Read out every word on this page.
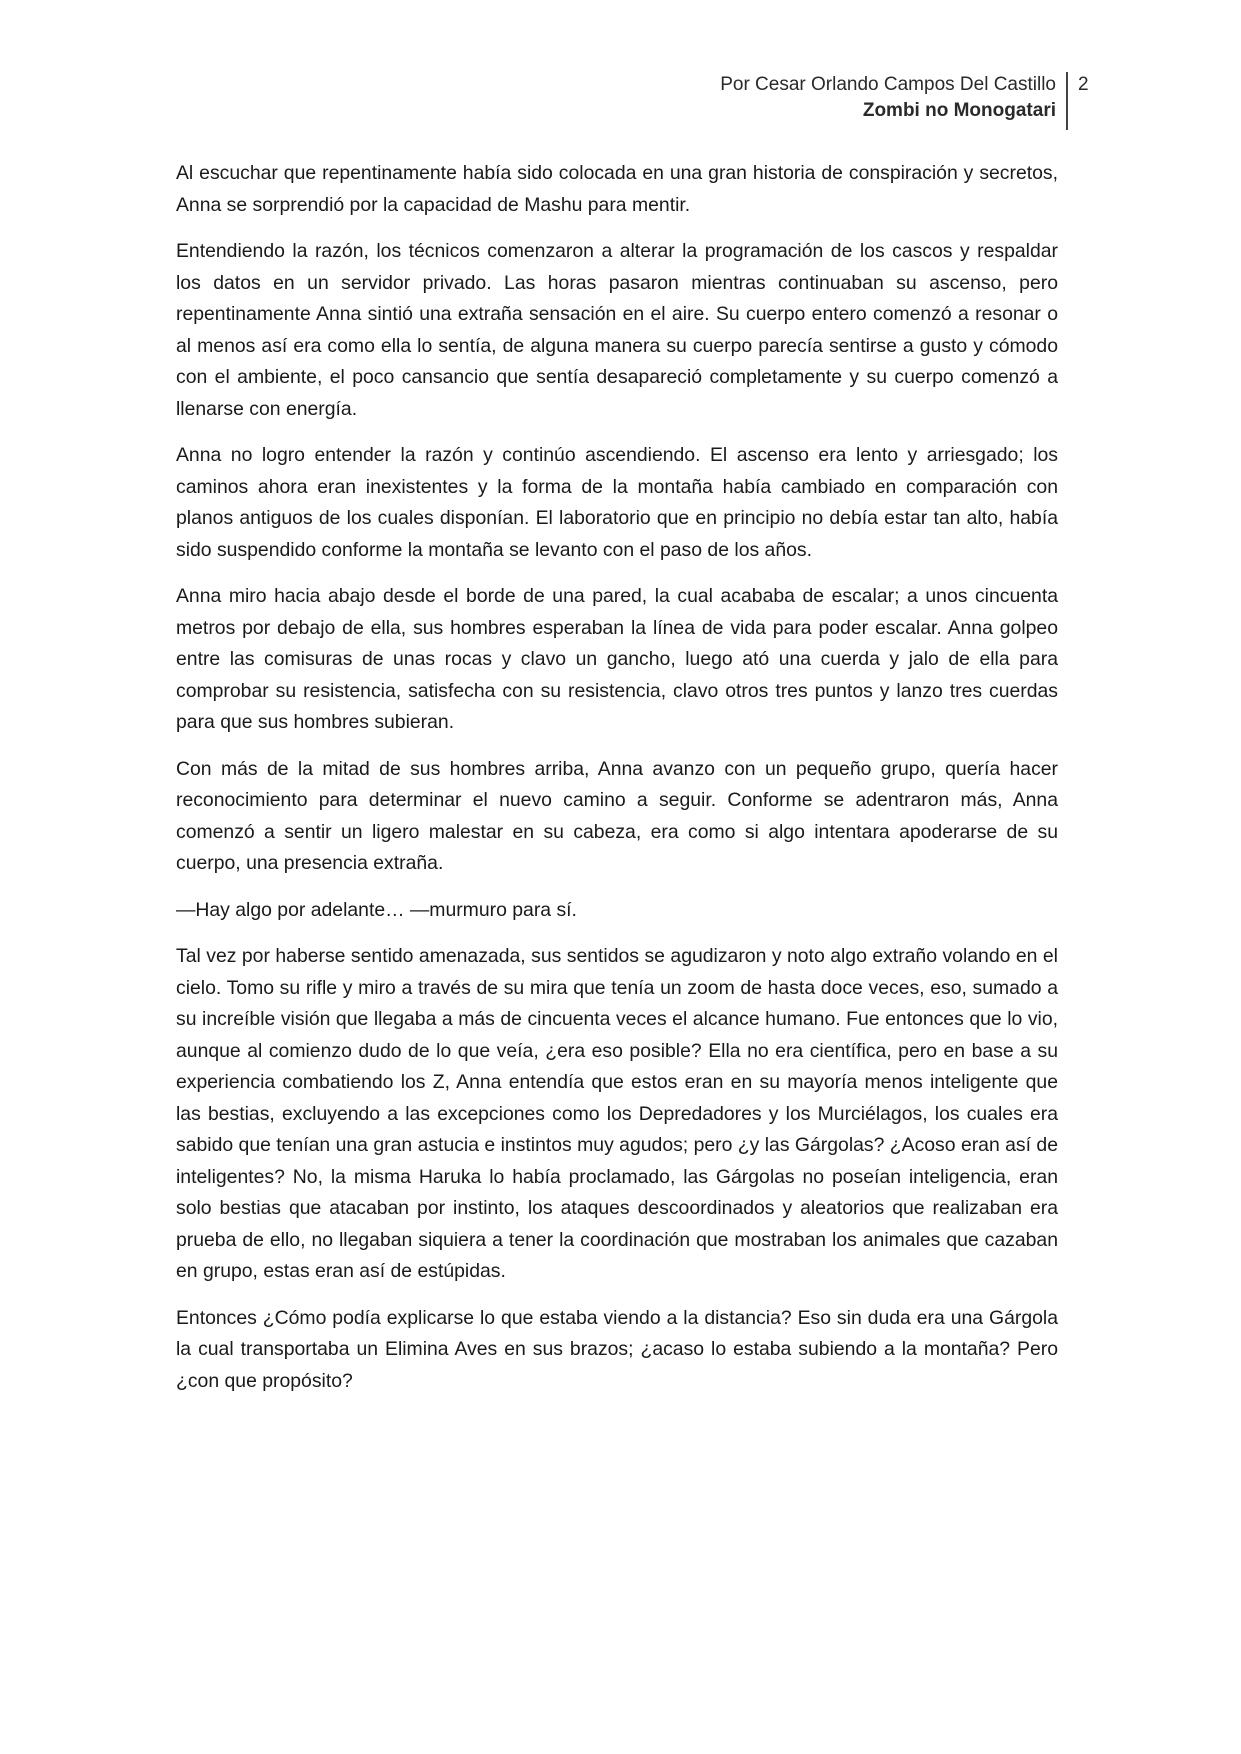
Por Cesar Orlando Campos Del Castillo
Zombi no Monogatari
2

Al escuchar que repentinamente había sido colocada en una gran historia de conspiración y secretos, Anna se sorprendió por la capacidad de Mashu para mentir.

Entendiendo la razón, los técnicos comenzaron a alterar la programación de los cascos y respaldar los datos en un servidor privado. Las horas pasaron mientras continuaban su ascenso, pero repentinamente Anna sintió una extraña sensación en el aire. Su cuerpo entero comenzó a resonar o al menos así era como ella lo sentía, de alguna manera su cuerpo parecía sentirse a gusto y cómodo con el ambiente, el poco cansancio que sentía desapareció completamente y su cuerpo comenzó a llenarse con energía.

Anna no logro entender la razón y continúo ascendiendo. El ascenso era lento y arriesgado; los caminos ahora eran inexistentes y la forma de la montaña había cambiado en comparación con planos antiguos de los cuales disponían. El laboratorio que en principio no debía estar tan alto, había sido suspendido conforme la montaña se levanto con el paso de los años.

Anna miro hacia abajo desde el borde de una pared, la cual acababa de escalar; a unos cincuenta metros por debajo de ella, sus hombres esperaban la línea de vida para poder escalar. Anna golpeo entre las comisuras de unas rocas y clavo un gancho, luego ató una cuerda y jalo de ella para comprobar su resistencia, satisfecha con su resistencia, clavo otros tres puntos y lanzo tres cuerdas para que sus hombres subieran.

Con más de la mitad de sus hombres arriba, Anna avanzo con un pequeño grupo, quería hacer reconocimiento para determinar el nuevo camino a seguir. Conforme se adentraron más, Anna comenzó a sentir un ligero malestar en su cabeza, era como si algo intentara apoderarse de su cuerpo, una presencia extraña.

—Hay algo por adelante… —murmuro para sí.

Tal vez por haberse sentido amenazada, sus sentidos se agudizaron y noto algo extraño volando en el cielo. Tomo su rifle y miro a través de su mira que tenía un zoom de hasta doce veces, eso, sumado a su increíble visión que llegaba a más de cincuenta veces el alcance humano. Fue entonces que lo vio, aunque al comienzo dudo de lo que veía, ¿era eso posible? Ella no era científica, pero en base a su experiencia combatiendo los Z, Anna entendía que estos eran en su mayoría menos inteligente que las bestias, excluyendo a las excepciones como los Depredadores y los Murciélagos, los cuales era sabido que tenían una gran astucia e instintos muy agudos; pero ¿y las Gárgolas? ¿Acoso eran así de inteligentes? No, la misma Haruka lo había proclamado, las Gárgolas no poseían inteligencia, eran solo bestias que atacaban por instinto, los ataques descoordinados y aleatorios que realizaban era prueba de ello, no llegaban siquiera a tener la coordinación que mostraban los animales que cazaban en grupo, estas eran así de estúpidas.

Entonces ¿Cómo podía explicarse lo que estaba viendo a la distancia? Eso sin duda era una Gárgola la cual transportaba un Elimina Aves en sus brazos; ¿acaso lo estaba subiendo a la montaña? Pero ¿con que propósito?
